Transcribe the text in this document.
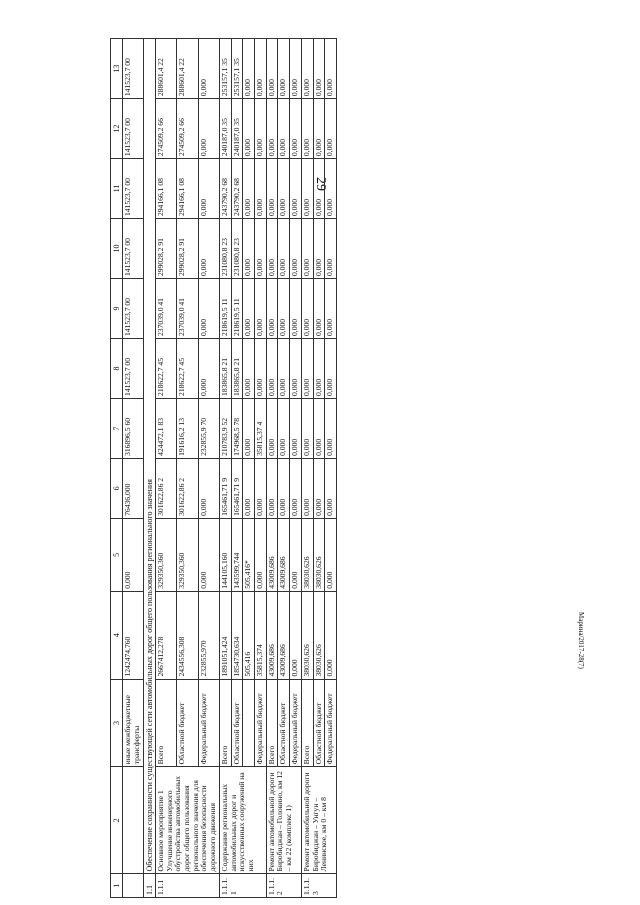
29
Марина/2017-28(7)
1	2	3	4	5	6	7	8	9	10	11	12	13
		иные межбюджетные трансферты	1242474,760	0,000	76436,000	316896,5 60	141523,7 00	141523,7 00	141523,7 00	141523,7 00	141523,7 00	141523,7 00
1.1	Обеспечение сохранности существующей сети автомобильных дорог общего пользования регионального значения											
1.1.1	Основное мероприятие 1 Улучшение инженерного обустройства автомобильных дорог общего пользования регионального значения для обеспечения безопасности дорожного движения	Всего	2667412,278	329350,360	301622,86 2	424472,1 83	218622,7 45	237039,0 41	299028,2 91	294166,1 08	274509,2 66	288601,4 22
		Областной бюджет	2434556,308	329350,360	301622,86 2	191616,2 13	218622,7 45	237039,0 41	299028,2 91	294166,1 08	274509,2 66	288601,4 22
		Федеральный бюджет	232855,970	0,000	0,000	232855,9 70	0,000	0,000	0,000	0,000	0,000	0,000
1.1.1.1	Содержание региональных автомобильных дорог и искусственных сооружений на них	Всего	1891051,424	144105,160	165461,71 9	210783,9 52	183865,8 21	218619,5 11	231080,8 23	243790,2 68	240187,0 35	253157,1 35
		Областной бюджет	1854730,634	143599,744	165461,71 9	174968,5 78	183865,8 21	218619,5 11	231080,8 23	243790,2 68	240187,0 35	253157,1 35
			505,416	505,416*	0,000	0,000	0,000	0,000	0,000	0,000	0,000	0,000
		Федеральный бюджет	35815,374	0,000	0,000	35815,37 4	0,000	0,000	0,000	0,000	0,000	0,000
1.1.1.2	Ремонт автомобильной дороги Биробиджан – Головино, км 12 – км 22 (комплекс 1)	Всего	43009,686	43009,686	0,000	0,000	0,000	0,000	0,000	0,000	0,000	0,000
		Областной бюджет	43009,686	43009,686	0,000	0,000	0,000	0,000	0,000	0,000	0,000	0,000
		Федеральный бюджет	0,000	0,000	0,000	0,000	0,000	0,000	0,000	0,000	0,000	0,000
1.1.1.3	Ремонт автомобильной дороги Биробиджан – Унгун – Ленинское, км 0 – км 8	Всего	38030,626	38030,626	0,000	0,000	0,000	0,000	0,000	0,000	0,000	0,000
		Областной бюджет	38030,626	38030,626	0,000	0,000	0,000	0,000	0,000	0,000	0,000	0,000
		Федеральный бюджет	0,000	0,000	0,000	0,000	0,000	0,000	0,000	0,000	0,000	0,000
